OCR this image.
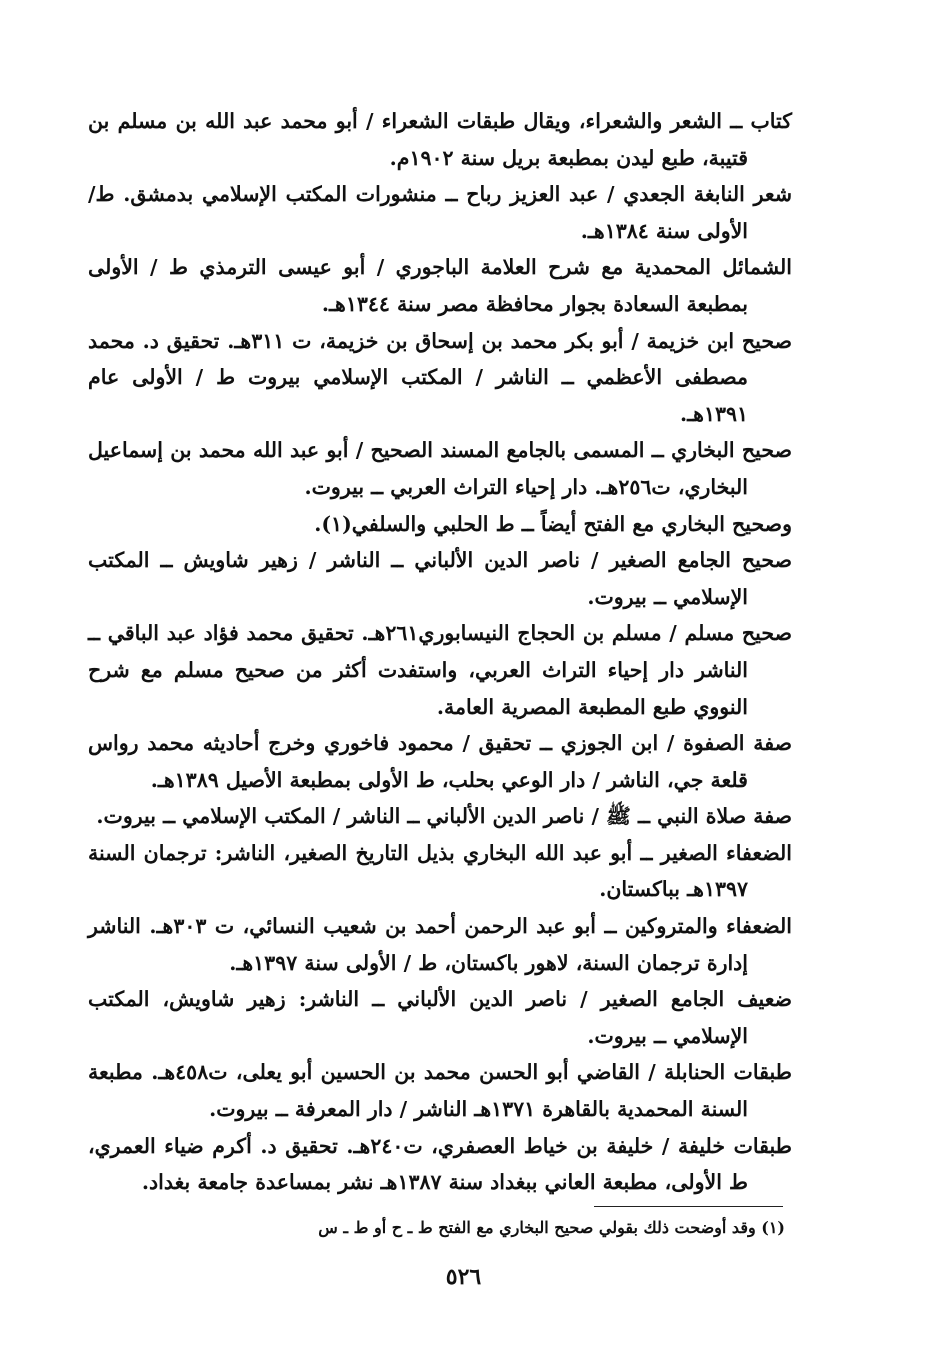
كتاب ــ الشعر والشعراء، ويقال طبقات الشعراء / أبو محمد عبد الله بن مسلم بن قتيبة، طبع ليدن بمطبعة بريل سنة ١٩٠٢م.

شعر النابغة الجعدي / عبد العزيز رباح ــ منشورات المكتب الإسلامي بدمشق. ط/ الأولى سنة ١٣٨٤هـ.

الشمائل المحمدية مع شرح العلامة الباجوري / أبو عيسى الترمذي ط / الأولى بمطبعة السعادة بجوار محافظة مصر سنة ١٣٤٤هـ.

صحيح ابن خزيمة / أبو بكر محمد بن إسحاق بن خزيمة، ت ٣١١هـ. تحقيق د. محمد مصطفى الأعظمي ــ الناشر / المكتب الإسلامي بيروت ط / الأولى عام ١٣٩١هـ.

صحيح البخاري ــ المسمى بالجامع المسند الصحيح / أبو عبد الله محمد بن إسماعيل البخاري، ت٢٥٦هـ. دار إحياء التراث العربي ــ بيروت.

وصحيح البخاري مع الفتح أيضاً ــ ط الحلبي والسلفي(١).

صحيح الجامع الصغير / ناصر الدين الألباني ــ الناشر / زهير شاويش ــ المكتب الإسلامي ــ بيروت.

صحيح مسلم / مسلم بن الحجاج النيسابوري٢٦١هـ. تحقيق محمد فؤاد عبد الباقي ــ الناشر دار إحياء التراث العربي، واستفدت أكثر من صحيح مسلم مع شرح النووي طبع المطبعة المصرية العامة.

صفة الصفوة / ابن الجوزي ــ تحقيق / محمود فاخوري وخرج أحاديثه محمد رواس قلعة جي، الناشر / دار الوعي بحلب، ط الأولى بمطبعة الأصيل ١٣٨٩هـ.

صفة صلاة النبي ــ ﷺ / ناصر الدين الألباني ــ الناشر / المكتب الإسلامي ــ بيروت.

الضعفاء الصغير ــ أبو عبد الله البخاري بذيل التاريخ الصغير، الناشر: ترجمان السنة ١٣٩٧هـ بباكستان.

الضعفاء والمتروكين ــ أبو عبد الرحمن أحمد بن شعيب النسائي، ت ٣٠٣هـ. الناشر إدارة ترجمان السنة، لاهور باكستان، ط / الأولى سنة ١٣٩٧هـ.

ضعيف الجامع الصغير / ناصر الدين الألباني ــ الناشر: زهير شاويش، المكتب الإسلامي ــ بيروت.

طبقات الحنابلة / القاضي أبو الحسن محمد بن الحسين أبو يعلى، ت٤٥٨هـ. مطبعة السنة المحمدية بالقاهرة ١٣٧١هـ الناشر / دار المعرفة ــ بيروت.

طبقات خليفة / خليفة بن خياط العصفري، ت٢٤٠هـ. تحقيق د. أكرم ضياء العمري، ط الأولى، مطبعة العاني ببغداد سنة ١٣٨٧هـ نشر بمساعدة جامعة بغداد.

(١) وقد أوضحت ذلك بقولي صحيح البخاري مع الفتح ط ـ ح أو ط ـ س
٥٢٦
